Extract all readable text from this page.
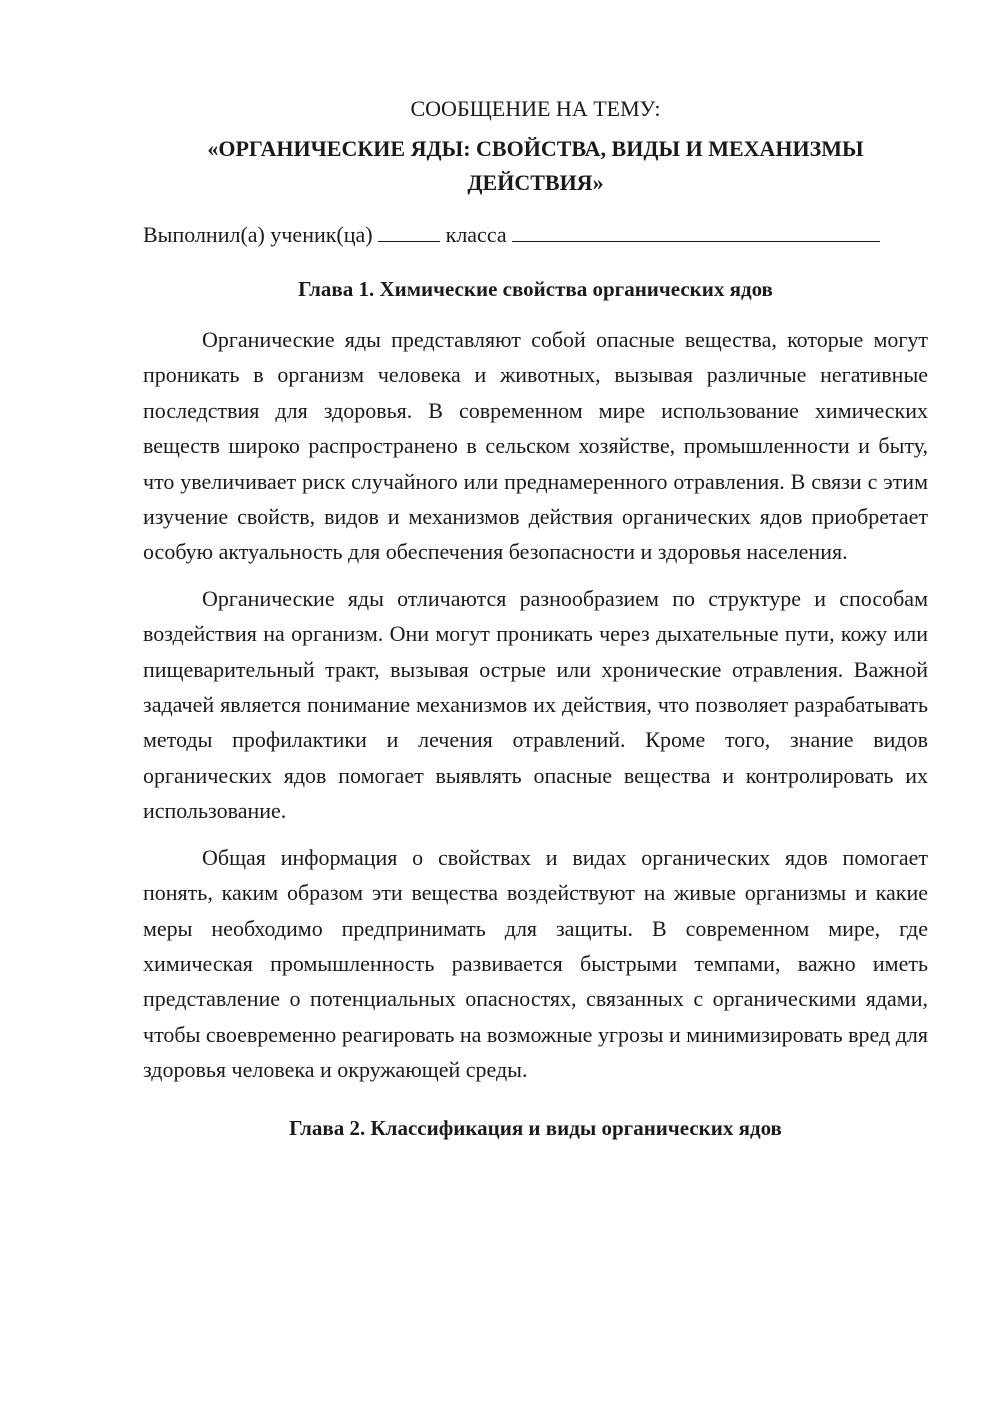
СООБЩЕНИЕ НА ТЕМУ:

«ОРГАНИЧЕСКИЕ ЯДЫ: СВОЙСТВА, ВИДЫ И МЕХАНИЗМЫ ДЕЙСТВИЯ»

Выполнил(а) ученик(ца)	класса

Глава 1. Химические свойства органических ядов

Органические яды представляют собой опасные вещества, которые могут проникать в организм человека и животных, вызывая различные негативные последствия для здоровья. В современном мире использование химических веществ широко распространено в сельском хозяйстве, промышленности и быту, что увеличивает риск случайного или преднамеренного отравления. В связи с этим изучение свойств, видов и механизмов действия органических ядов приобретает особую актуальность для обеспечения безопасности и здоровья населения.

Органические яды отличаются разнообразием по структуре и способам воздействия на организм. Они могут проникать через дыхательные пути, кожу или пищеварительный тракт, вызывая острые или хронические отравления. Важной задачей является понимание механизмов их действия, что позволяет разрабатывать методы профилактики и лечения отравлений. Кроме того, знание видов органических ядов помогает выявлять опасные вещества и контролировать их использование.

Общая информация о свойствах и видах органических ядов помогает понять, каким образом эти вещества воздействуют на живые организмы и какие меры необходимо предпринимать для защиты. В современном мире, где химическая промышленность развивается быстрыми темпами, важно иметь представление о потенциальных опасностях, связанных с органическими ядами, чтобы своевременно реагировать на возможные угрозы и минимизировать вред для здоровья человека и окружающей среды.

Глава 2. Классификация и виды органических ядов
